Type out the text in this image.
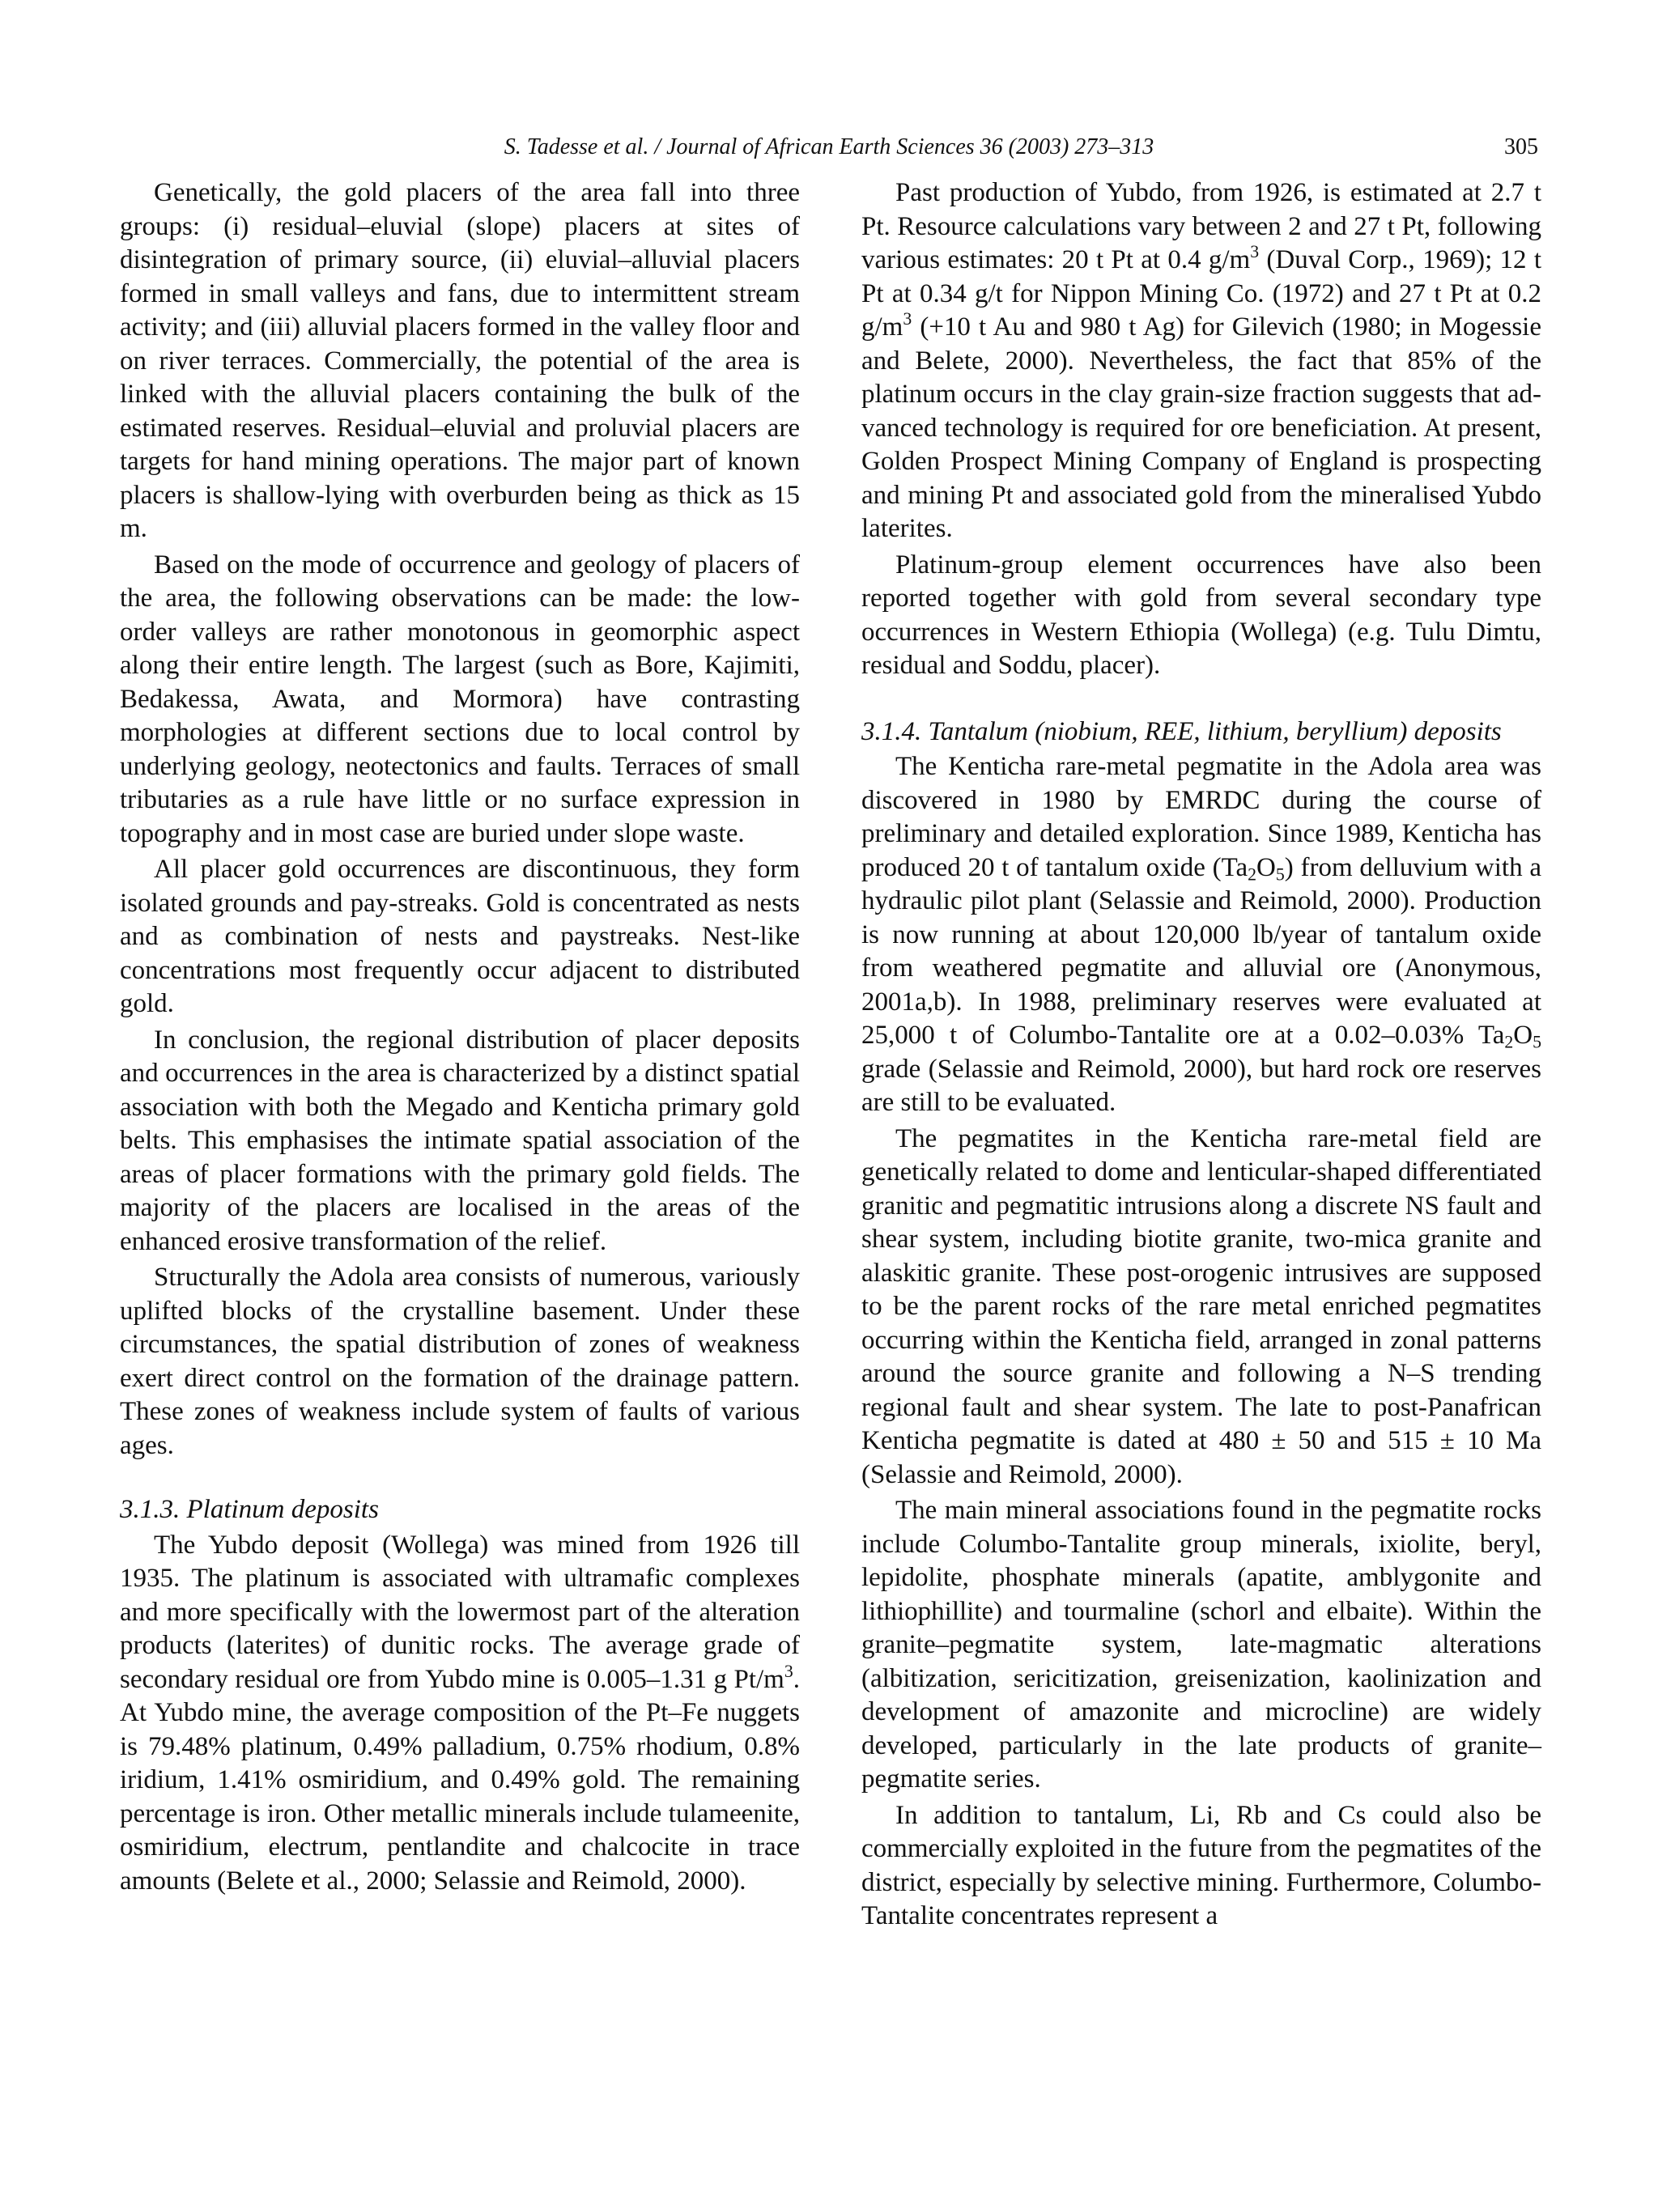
S. Tadesse et al. / Journal of African Earth Sciences 36 (2003) 273–313	305

Genetically, the gold placers of the area fall into three groups: (i) residual–eluvial (slope) placers at sites of disintegration of primary source, (ii) eluvial–alluvial placers formed in small valleys and fans, due to intermittent stream activity; and (iii) alluvial placers formed in the valley floor and on river terraces. Commercially, the potential of the area is linked with the alluvial placers containing the bulk of the estimated reserves. Residual–eluvial and proluvial placers are targets for hand mining operations. The major part of known placers is shallow-lying with overburden being as thick as 15 m.

Based on the mode of occurrence and geology of placers of the area, the following observations can be made: the low-order valleys are rather monotonous in geomorphic aspect along their entire length. The largest (such as Bore, Kajimiti, Bedakessa, Awata, and Mormora) have contrasting morphologies at different sections due to local control by underlying geology, neotectonics and faults. Terraces of small tributaries as a rule have little or no surface expression in topography and in most case are buried under slope waste.

All placer gold occurrences are discontinuous, they form isolated grounds and pay-streaks. Gold is concentrated as nests and as combination of nests and paystreaks. Nest-like concentrations most frequently occur adjacent to distributed gold.

In conclusion, the regional distribution of placer deposits and occurrences in the area is characterized by a distinct spatial association with both the Megado and Kenticha primary gold belts. This emphasises the intimate spatial association of the areas of placer formations with the primary gold fields. The majority of the placers are localised in the areas of the enhanced erosive transformation of the relief.

Structurally the Adola area consists of numerous, variously uplifted blocks of the crystalline basement. Under these circumstances, the spatial distribution of zones of weakness exert direct control on the formation of the drainage pattern. These zones of weakness include system of faults of various ages.

3.1.3. Platinum deposits

The Yubdo deposit (Wollega) was mined from 1926 till 1935. The platinum is associated with ultramafic complexes and more specifically with the lowermost part of the alteration products (laterites) of dunitic rocks. The average grade of secondary residual ore from Yubdo mine is 0.005–1.31 g $Pt/m^3$. At Yubdo mine, the average composition of the Pt–Fe nuggets is 79.48% platinum, 0.49% palladium, 0.75% rhodium, 0.8% iridium, 1.41% osmiridium, and 0.49% gold. The remaining percentage is iron. Other metallic minerals include tulameenite, osmiridium, electrum, pentlandite and chalcocite in trace amounts (Belete et al., 2000; Selassie and Reimold, 2000).

Past production of Yubdo, from 1926, is estimated at 2.7 t Pt. Resource calculations vary between 2 and 27 t Pt, following various estimates: 20 t Pt at 0.4 $g/m^3$ (Duval Corp., 1969); 12 t Pt at 0.34 g/t for Nippon Mining Co. (1972) and 27 t Pt at 0.2 $g/m^3$ (+10 t Au and 980 t Ag) for Gilevich (1980; in Mogessie and Belete, 2000). Nevertheless, the fact that 85% of the platinum occurs in the clay grain-size fraction suggests that advanced technology is required for ore beneficiation. At present, Golden Prospect Mining Company of England is prospecting and mining Pt and associated gold from the mineralised Yubdo laterites.

Platinum-group element occurrences have also been reported together with gold from several secondary type occurrences in Western Ethiopia (Wollega) (e.g. Tulu Dimtu, residual and Soddu, placer).

3.1.4. Tantalum (niobium, REE, lithium, beryllium) deposits

The Kenticha rare-metal pegmatite in the Adola area was discovered in 1980 by EMRDC during the course of preliminary and detailed exploration. Since 1989, Kenticha has produced 20 t of tantalum oxide $(Ta_2O_5)$ from delluvium with a hydraulic pilot plant (Selassie and Reimold, 2000). Production is now running at about 120,000 lb/year of tantalum oxide from weathered pegmatite and alluvial ore (Anonymous, 2001a,b). In 1988, preliminary reserves were evaluated at 25,000 t of Columbo-Tantalite ore at a 0.02–0.03% $Ta_2O_5$ grade (Selassie and Reimold, 2000), but hard rock ore reserves are still to be evaluated.

The pegmatites in the Kenticha rare-metal field are genetically related to dome and lenticular-shaped differentiated granitic and pegmatitic intrusions along a discrete NS fault and shear system, including biotite granite, two-mica granite and alaskitic granite. These post-orogenic intrusives are supposed to be the parent rocks of the rare metal enriched pegmatites occurring within the Kenticha field, arranged in zonal patterns around the source granite and following a N–S trending regional fault and shear system. The late to post-Panafrican Kenticha pegmatite is dated at 480 ± 50 and 515 ± 10 Ma (Selassie and Reimold, 2000).

The main mineral associations found in the pegmatite rocks include Columbo-Tantalite group minerals, ixiolite, beryl, lepidolite, phosphate minerals (apatite, amblygonite and lithiophillite) and tourmaline (schorl and elbaite). Within the granite–pegmatite system, late-magmatic alterations (albitization, sericitization, greisenization, kaolinization and development of amazonite and microcline) are widely developed, particularly in the late products of granite–pegmatite series.

In addition to tantalum, Li, Rb and Cs could also be commercially exploited in the future from the pegmatites of the district, especially by selective mining. Furthermore, Columbo-Tantalite concentrates represent a
